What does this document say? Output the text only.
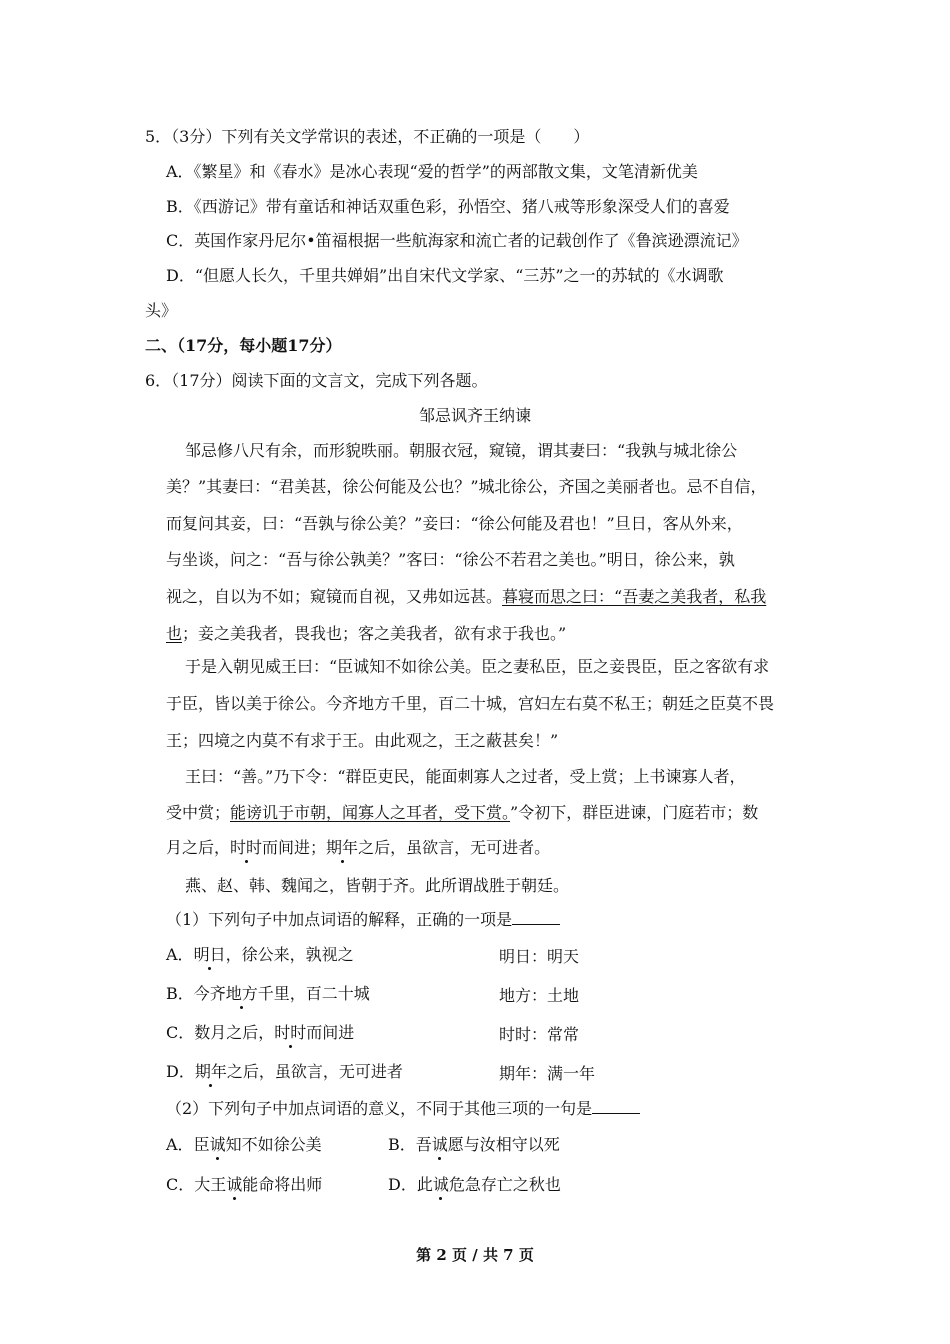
5．（3分）下列有关文学常识的表述，不正确的一项是（　　）
A．《繁星》和《春水》是冰心表现“爱的哲学”的两部散文集，文笔清新优美
B．《西游记》带有童话和神话双重色彩，孙悟空、猪八戒等形象深受人们的喜爱
C．英国作家丹尼尔•笛福根据一些航海家和流亡者的记载创作了《鲁滨逊漂流记》
D．“但愿人长久，千里共婵娟”出自宋代文学家、“三苏”之一的苏轼的《水调歌
头》
二、（17分，每小题17分）
6．（17分）阅读下面的文言文，完成下列各题。
邹忌讽齐王纳谏
邹忌修八尺有余，而形貌昳丽。朝服衣冠，窥镜，谓其妻曰：“我孰与城北徐公
美？”其妻曰：“君美甚，徐公何能及公也？”城北徐公，齐国之美丽者也。忌不自信，
而复问其妾，曰：“吾孰与徐公美？”妾曰：“徐公何能及君也！”旦日，客从外来，
与坐谈，问之：“吾与徐公孰美？”客曰：“徐公不若君之美也。”明日，徐公来，孰
视之，自以为不如；窥镜而自视，又弗如远甚。暮寝而思之曰：“吾妻之美我者，私我
也；妾之美我者，畏我也；客之美我者，欲有求于我也。”
于是入朝见威王曰：“臣诚知不如徐公美。臣之妻私臣，臣之妾畏臣，臣之客欲有求
于臣，皆以美于徐公。今齐地方千里，百二十城，宫妇左右莫不私王；朝廷之臣莫不畏
王；四境之内莫不有求于王。由此观之，王之蔽甚矣！”
王曰：“善。”乃下令：“群臣吏民，能面刺寡人之过者，受上赏；上书谏寡人者，
受中赏；能谤讥于市朝，闻寡人之耳者，受下赏。”令初下，群臣进谏，门庭若市；数
月之后，时时而间进；期年之后，虽欲言，无可进者。
燕、赵、韩、魏闻之，皆朝于齐。此所谓战胜于朝廷。
（1）下列句子中加点词语的解释，正确的一项是
A．明日，徐公来，孰视之	明日：明天
B．今齐地方千里，百二十城	地方：土地
C．数月之后，时时而间进	时时：常常
D．期年之后，虽欲言，无可进者	期年：满一年
（2）下列句子中加点词语的意义，不同于其他三项的一句是
A．臣诚知不如徐公美	B．吾诚愿与汝相守以死
C．大王诚能命将出师	D．此诚危急存亡之秋也
第 2 页 / 共 7 页
